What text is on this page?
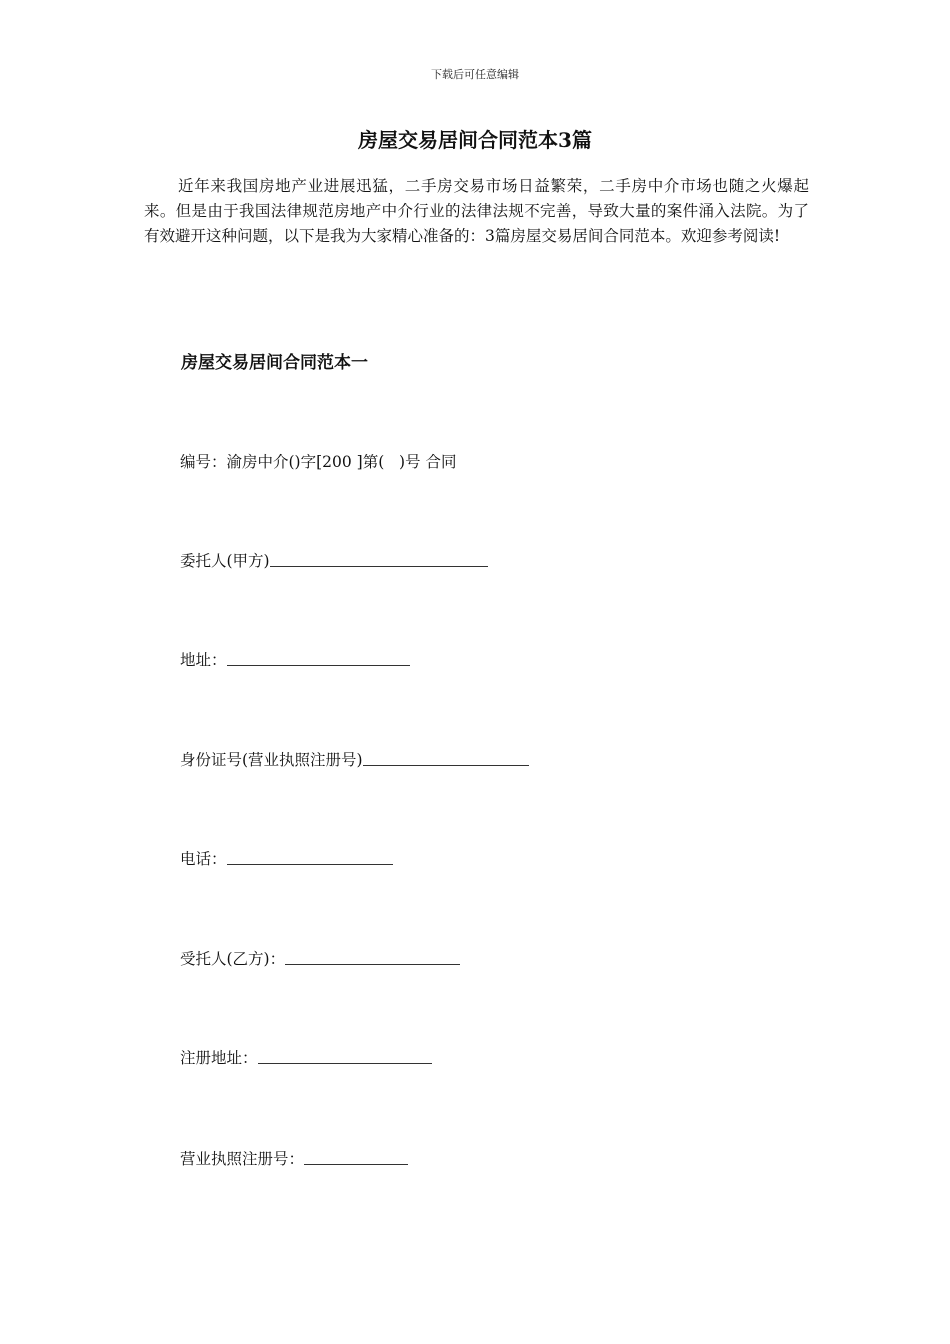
下载后可任意编辑
房屋交易居间合同范本3篇

近年来我国房地产业进展迅猛，二手房交易市场日益繁荣，二手房中介市场也随之火爆起来。但是由于我国法律规范房地产中介行业的法律法规不完善，导致大量的案件涌入法院。为了有效避开这种问题，以下是我为大家精心准备的：3篇房屋交易居间合同范本。欢迎参考阅读!

房屋交易居间合同范本一
编号：渝房中介()字[200 ]第(   )号 合同
委托人(甲方)
地址：
身份证号(营业执照注册号)
电话：
受托人(乙方)：
注册地址：
营业执照注册号：
